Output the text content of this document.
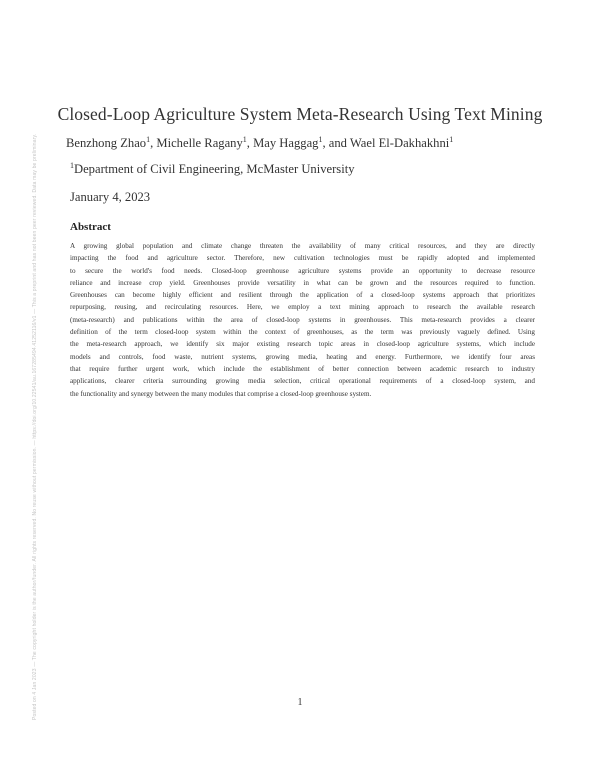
Closed-Loop Agriculture System Meta-Research Using Text Mining
Benzhong Zhao$^1$, Michelle Ragany$^1$, May Haggag$^1$, and Wael El-Dakhakhni$^1$
$^1$Department of Civil Engineering, McMaster University
January 4, 2023
Abstract
A growing global population and climate change threaten the availability of many critical resources, and they are directly
impacting the food and agriculture sector. Therefore, new cultivation technologies must be rapidly adopted and implemented
to secure the world's food needs. Closed-loop greenhouse agriculture systems provide an opportunity to decrease resource
reliance and increase crop yield. Greenhouses provide versatility in what can be grown and the resources required to function.
Greenhouses can become highly efficient and resilient through the application of a closed-loop systems approach that prioritizes
repurposing, reusing, and recirculating resources. Here, we employ a text mining approach to research the available research
(meta-research) and publications within the area of closed-loop systems in greenhouses. This meta-research provides a clearer
definition of the term closed-loop system within the context of greenhouses, as the term was previously vaguely defined. Using
the meta-research approach, we identify six major existing research topic areas in closed-loop agriculture systems, which include
models and controls, food waste, nutrient systems, growing media, heating and energy. Furthermore, we identify four areas
that require further urgent work, which include the establishment of better connection between academic research to industry
applications, clearer criteria surrounding growing media selection, critical operational requirements of a closed-loop system, and
the functionality and synergy between the many modules that comprise a closed-loop greenhouse system.
1
Posted on 4 Jan 2023 — The copyright holder is the author/funder. All rights reserved. No reuse without permission. — https://doi.org/10.22541/au.167285494.41252116/v1 — This a preprint and has not been peer reviewed. Data may be preliminary.
